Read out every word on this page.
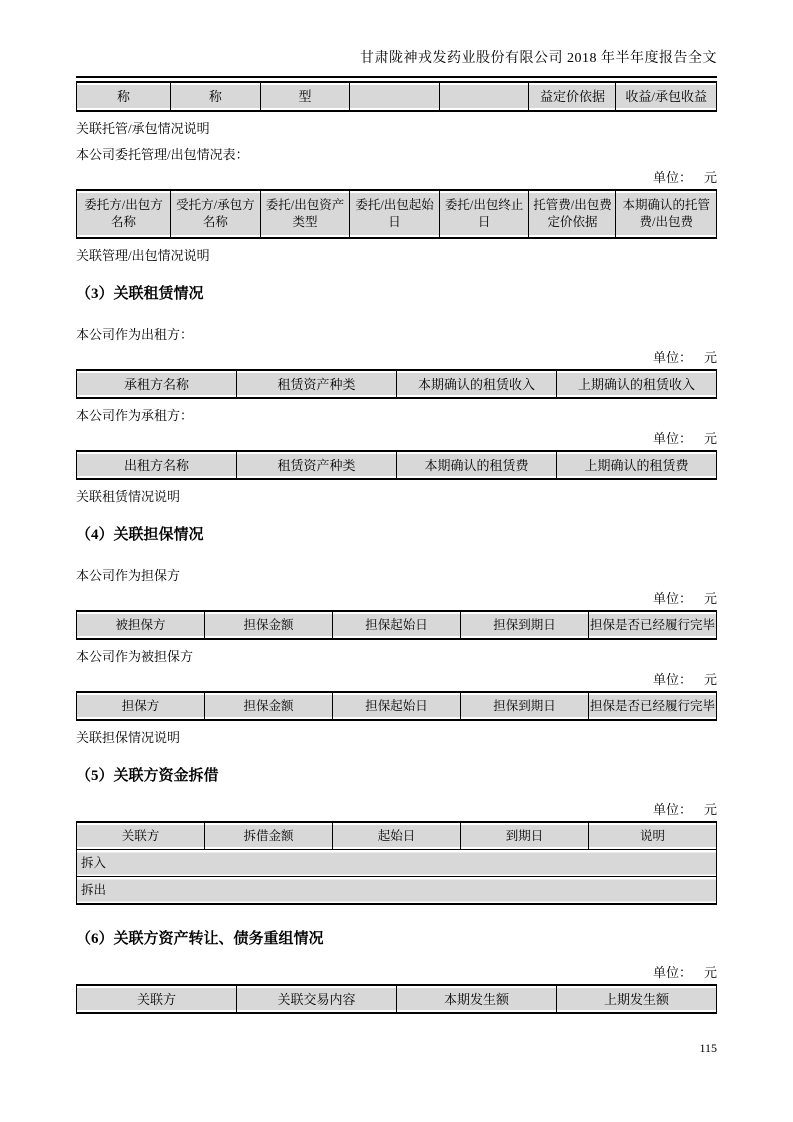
甘肃陇神戎发药业股份有限公司 2018 年半年度报告全文
称	称	型			益定价依据	收益/承包收益

关联托管/承包情况说明

本公司委托管理/出包情况表：

单位： 元
委托方/出包方名称	受托方/承包方名称	委托/出包资产类型	委托/出包起始日	委托/出包终止日	托管费/出包费定价依据	本期确认的托管费/出包费

关联管理/出包情况说明

（3）关联租赁情况

本公司作为出租方：

单位： 元
承租方名称	租赁资产种类	本期确认的租赁收入	上期确认的租赁收入

本公司作为承租方：

单位： 元
出租方名称	租赁资产种类	本期确认的租赁费	上期确认的租赁费

关联租赁情况说明

（4）关联担保情况

本公司作为担保方

单位： 元
被担保方	担保金额	担保起始日	担保到期日	担保是否已经履行完毕

本公司作为被担保方

单位： 元
担保方	担保金额	担保起始日	担保到期日	担保是否已经履行完毕

关联担保情况说明

（5）关联方资金拆借
单位： 元
关联方	拆借金额	起始日	到期日	说明
拆入
拆出
（6）关联方资产转让、债务重组情况
单位： 元
关联方	关联交易内容	本期发生额	上期发生额
115
